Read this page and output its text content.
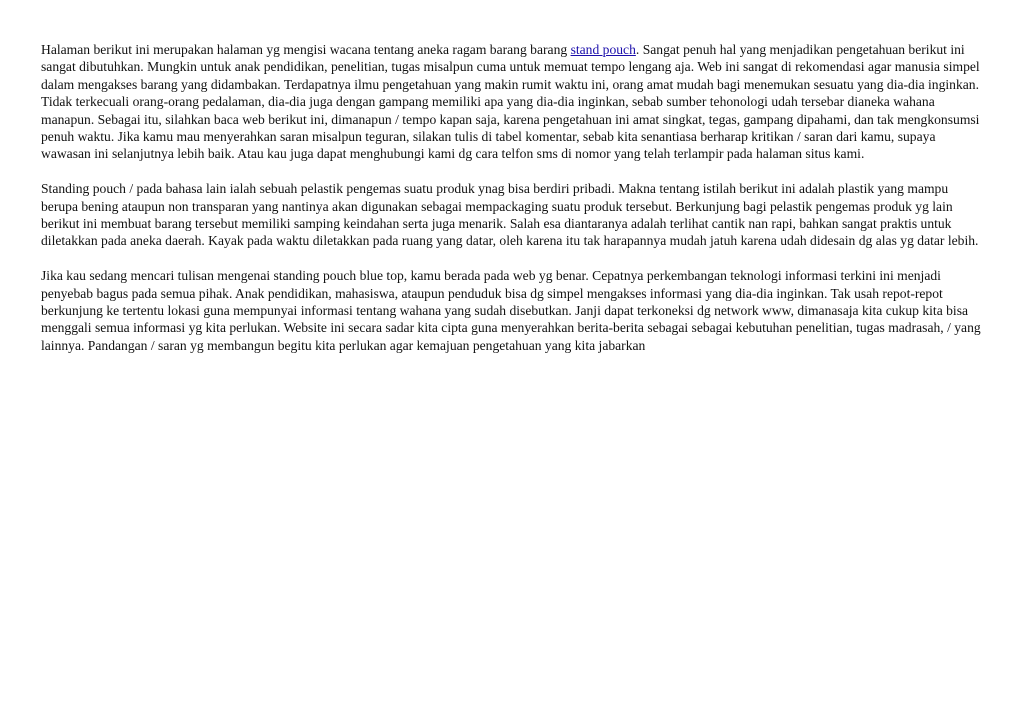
Halaman berikut ini merupakan halaman yg mengisi wacana tentang aneka ragam barang barang stand pouch. Sangat penuh hal yang menjadikan pengetahuan berikut ini sangat dibutuhkan. Mungkin untuk anak pendidikan, penelitian, tugas misalpun cuma untuk memuat tempo lengang aja. Web ini sangat di rekomendasi agar manusia simpel dalam mengakses barang yang didambakan. Terdapatnya ilmu pengetahuan yang makin rumit waktu ini, orang amat mudah bagi menemukan sesuatu yang dia-dia inginkan. Tidak terkecuali orang-orang pedalaman, dia-dia juga dengan gampang memiliki apa yang dia-dia inginkan, sebab sumber tehonologi udah tersebar dianeka wahana manapun. Sebagai itu, silahkan baca web berikut ini, dimanapun / tempo kapan saja, karena pengetahuan ini amat singkat, tegas, gampang dipahami, dan tak mengkonsumsi penuh waktu. Jika kamu mau menyerahkan saran misalpun teguran, silakan tulis di tabel komentar, sebab kita senantiasa berharap kritikan / saran dari kamu, supaya wawasan ini selanjutnya lebih baik. Atau kau juga dapat menghubungi kami dg cara telfon sms di nomor yang telah terlampir pada halaman situs kami.

Standing pouch / pada bahasa lain ialah sebuah pelastik pengemas suatu produk ynag bisa berdiri pribadi. Makna tentang istilah berikut ini adalah plastik yang mampu berupa bening ataupun non transparan yang nantinya akan digunakan sebagai mempackaging suatu produk tersebut. Berkunjung bagi pelastik pengemas produk yg lain berikut ini membuat barang tersebut memiliki samping keindahan serta juga menarik. Salah esa diantaranya adalah terlihat cantik nan rapi, bahkan sangat praktis untuk diletakkan pada aneka daerah. Kayak pada waktu diletakkan pada ruang yang datar, oleh karena itu tak harapannya mudah jatuh karena udah didesain dg alas yg datar lebih.

Jika kau sedang mencari tulisan mengenai standing pouch blue top, kamu berada pada web yg benar. Cepatnya perkembangan teknologi informasi terkini ini menjadi penyebab bagus pada semua pihak. Anak pendidikan, mahasiswa, ataupun penduduk bisa dg simpel mengakses informasi yang dia-dia inginkan. Tak usah repot-repot berkunjung ke tertentu lokasi guna mempunyai informasi tentang wahana yang sudah disebutkan. Janji dapat terkoneksi dg network www, dimanasaja kita cukup kita bisa menggali semua informasi yg kita perlukan. Website ini secara sadar kita cipta guna menyerahkan berita-berita sebagai sebagai kebutuhan penelitian, tugas madrasah, / yang lainnya. Pandangan / saran yg membangun begitu kita perlukan agar kemajuan pengetahuan yang kita jabarkan
